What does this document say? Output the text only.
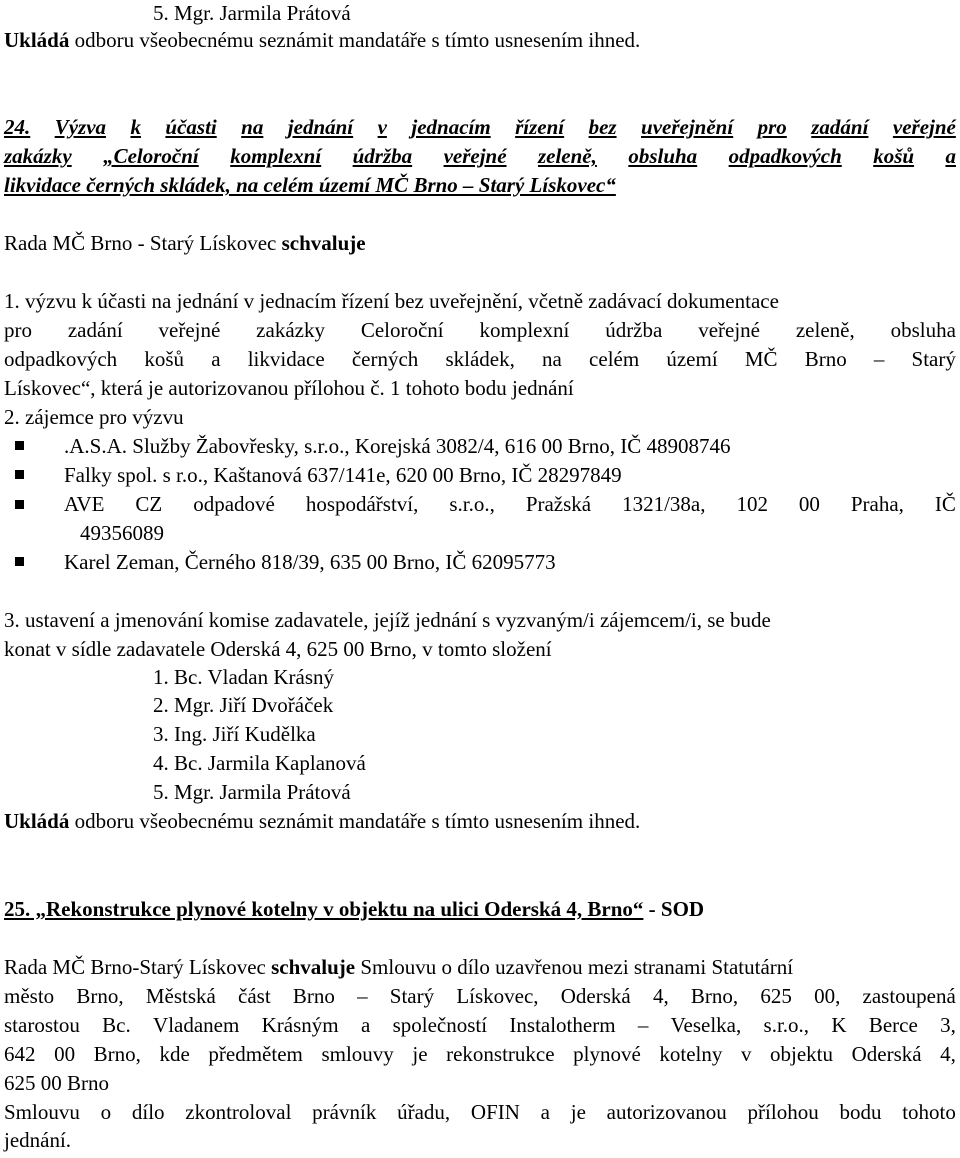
5. Mgr. Jarmila Prátová
Ukládá odboru všeobecnému seznámit mandatáře s tímto usnesením ihned.
24. Výzva k účasti na jednání v jednacím řízení bez uveřejnění pro zadání veřejné
zakázky „Celoroční komplexní údržba veřejné zeleně, obsluha odpadkových košů a
likvidace černých skládek, na celém území MČ Brno – Starý Lískovec“
Rada MČ Brno - Starý Lískovec schvaluje
1. výzvu k účasti na jednání v jednacím řízení bez uveřejnění, včetně zadávací dokumentace
pro zadání veřejné zakázky Celoroční komplexní údržba veřejné zeleně, obsluha
odpadkových košů a likvidace černých skládek, na celém území MČ Brno – Starý
Lískovec“, která je autorizovanou přílohou č. 1 tohoto bodu jednání
2. zájemce pro výzvu
.A.S.A. Služby Žabovřesky, s.r.o., Korejská 3082/4, 616 00 Brno, IČ 48908746
Falky spol. s r.o., Kaštanová 637/141e, 620 00 Brno, IČ 28297849
AVE CZ odpadové hospodářství, s.r.o., Pražská 1321/38a, 102 00 Praha, IČ
49356089
Karel Zeman, Černého 818/39, 635 00 Brno, IČ 62095773
3. ustavení a jmenování komise zadavatele, jejíž jednání s vyzvaným/i zájemcem/i, se bude
konat v sídle zadavatele Oderská 4, 625 00 Brno, v tomto složení
1. Bc. Vladan Krásný
2. Mgr. Jiří Dvořáček
3. Ing. Jiří Kudělka
4. Bc. Jarmila Kaplanová
5. Mgr. Jarmila Prátová
Ukládá odboru všeobecnému seznámit mandatáře s tímto usnesením ihned.
25. „Rekonstrukce plynové kotelny v objektu na ulici Oderská 4, Brno“ - SOD
Rada MČ Brno-Starý Lískovec schvaluje Smlouvu o dílo uzavřenou mezi stranami Statutární
město Brno, Městská část Brno – Starý Lískovec, Oderská 4, Brno, 625 00, zastoupená
starostou Bc. Vladanem Krásným a společností Instalotherm – Veselka, s.r.o., K Berce 3,
642 00 Brno, kde předmětem smlouvy je rekonstrukce plynové kotelny v objektu Oderská 4,
625 00 Brno
Smlouvu o dílo zkontroloval právník úřadu, OFIN a je autorizovanou přílohou bodu tohoto
jednání.
